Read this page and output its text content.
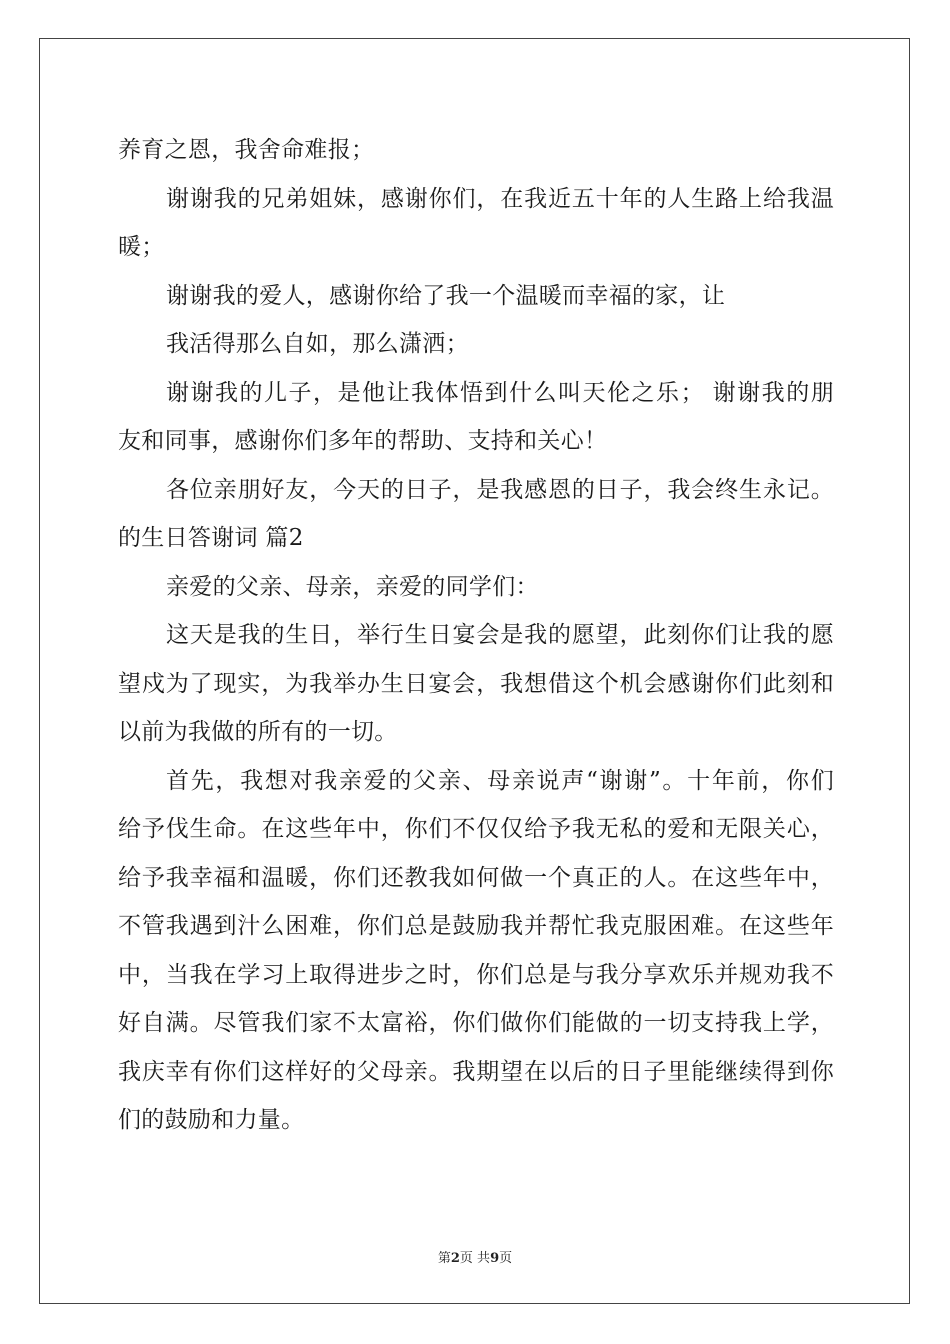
养育之恩，我舍命难报；
谢谢我的兄弟姐妹，感谢你们，在我近五十年的人生路上给我温
暖；
谢谢我的爱人，感谢你给了我一个温暖而幸福的家，让
我活得那么自如，那么潇洒；
谢谢我的儿子，是他让我体悟到什么叫天伦之乐； 谢谢我的朋
友和同事，感谢你们多年的帮助、支持和关心！
各位亲朋好友，今天的日子，是我感恩的日子，我会终生永记。
的生日答谢词 篇2
亲爱的父亲、母亲，亲爱的同学们：
这天是我的生日，举行生日宴会是我的愿望，此刻你们让我的愿
望戍为了现实，为我举办生日宴会，我想借这个机会感谢你们此刻和
以前为我做的所有的一切。
首先，我想对我亲爱的父亲、母亲说声“谢谢”。十年前，你们
给予伐生命。在这些年中，你们不仅仅给予我无私的爱和无限关心，
给予我幸福和温暖，你们还教我如何做一个真正的人。在这些年中，
不管我遇到汁么困难，你们总是鼓励我并帮忙我克服困难。在这些年
中，当我在学习上取得进步之时，你们总是与我分享欢乐并规劝我不
好自满。尽管我们家不太富裕，你们做你们能做的一切支持我上学，
我庆幸有你们这样好的父母亲。我期望在以后的日子里能继续得到你
们的鼓励和力量。
第2页 共9页
